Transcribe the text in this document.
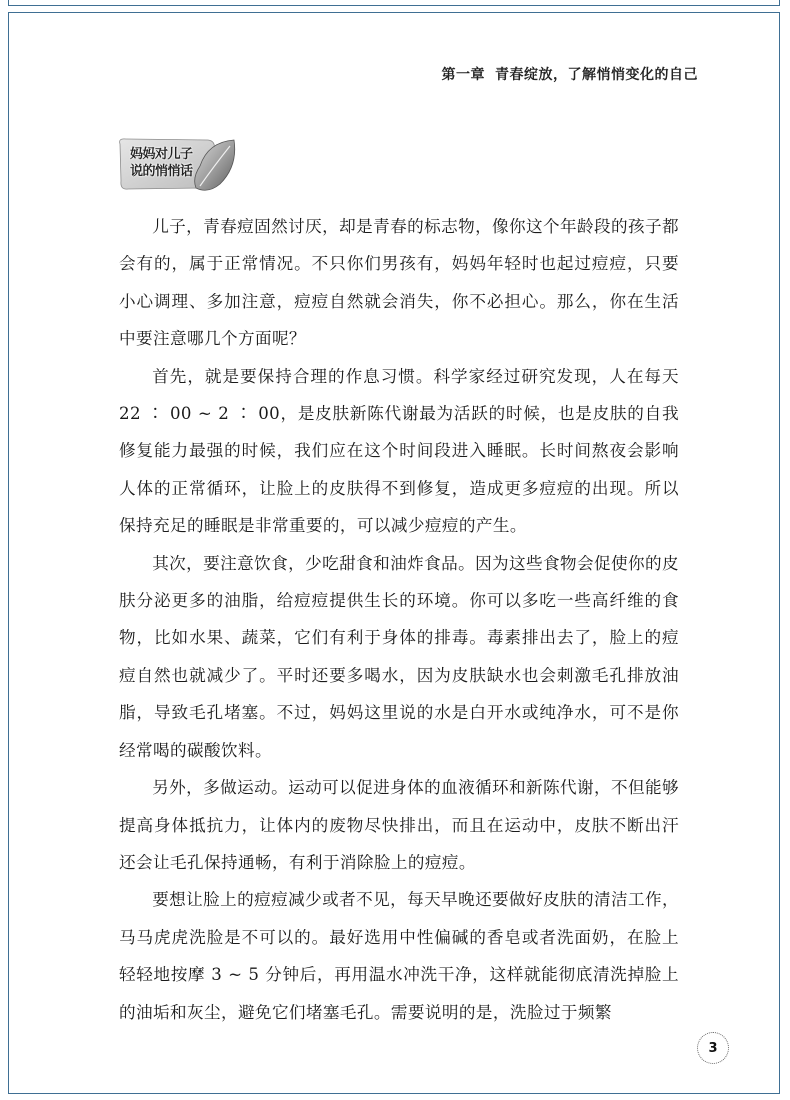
第一章 青春绽放，了解悄悄变化的自己
妈妈对儿子
说的悄悄话

儿子，青春痘固然讨厌，却是青春的标志物，像你这个年龄段的孩子都会有的，属于正常情况。不只你们男孩有，妈妈年轻时也起过痘痘，只要小心调理、多加注意，痘痘自然就会消失，你不必担心。那么，你在生活中要注意哪几个方面呢？

首先，就是要保持合理的作息习惯。科学家经过研究发现，人在每天22 ∶ 00 ~ 2 ∶ 00，是皮肤新陈代谢最为活跃的时候，也是皮肤的自我修复能力最强的时候，我们应在这个时间段进入睡眠。长时间熬夜会影响人体的正常循环，让脸上的皮肤得不到修复，造成更多痘痘的出现。所以保持充足的睡眠是非常重要的，可以减少痘痘的产生。

其次，要注意饮食，少吃甜食和油炸食品。因为这些食物会促使你的皮肤分泌更多的油脂，给痘痘提供生长的环境。你可以多吃一些高纤维的食物，比如水果、蔬菜，它们有利于身体的排毒。毒素排出去了，脸上的痘痘自然也就减少了。平时还要多喝水，因为皮肤缺水也会刺激毛孔排放油脂，导致毛孔堵塞。不过，妈妈这里说的水是白开水或纯净水，可不是你经常喝的碳酸饮料。

另外，多做运动。运动可以促进身体的血液循环和新陈代谢，不但能够提高身体抵抗力，让体内的废物尽快排出，而且在运动中，皮肤不断出汗还会让毛孔保持通畅，有利于消除脸上的痘痘。

要想让脸上的痘痘减少或者不见，每天早晚还要做好皮肤的清洁工作，马马虎虎洗脸是不可以的。最好选用中性偏碱的香皂或者洗面奶，在脸上轻轻地按摩 3 ~ 5 分钟后，再用温水冲洗干净，这样就能彻底清洗掉脸上的油垢和灰尘，避免它们堵塞毛孔。需要说明的是，洗脸过于频繁

3
